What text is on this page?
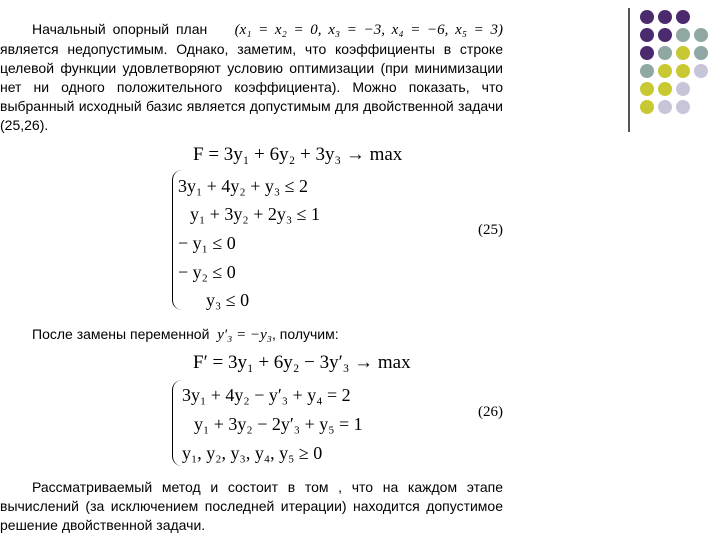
Начальный опорный план (x₁ = x₂ = 0, x₃ = −3, x₄ = −6, x₅ = 3) является недопустимым. Однако, заметим, что коэффициенты в строке целевой функции удовлетворяют условию оптимизации (при минимизации нет ни одного положительного коэффициента). Можно показать, что выбранный исходный базис является допустимым для двойственной задачи (25,26).
F = 3y₁ + 6y₂ + 3y₃ → max
3y₁ + 4y₂ + y₃ ≤ 2
y₁ + 3y₂ + 2y₃ ≤ 1
− y₁ ≤ 0
− y₂ ≤ 0
y₃ ≤ 0
(25)
После замены переменной y′₃ = −y₃, получим:
F′ = 3y₁ + 6y₂ − 3y′₃ → max
3y₁ + 4y₂ − y′₃ + y₄ = 2
y₁ + 3y₂ − 2y′₃ + y₅ = 1
y₁, y₂, y₃, y₄, y₅ ≥ 0
(26)
Рассматриваемый метод и состоит в том , что на каждом этапе вычислений (за исключением последней итерации) находится допустимое решение двойственной задачи.
